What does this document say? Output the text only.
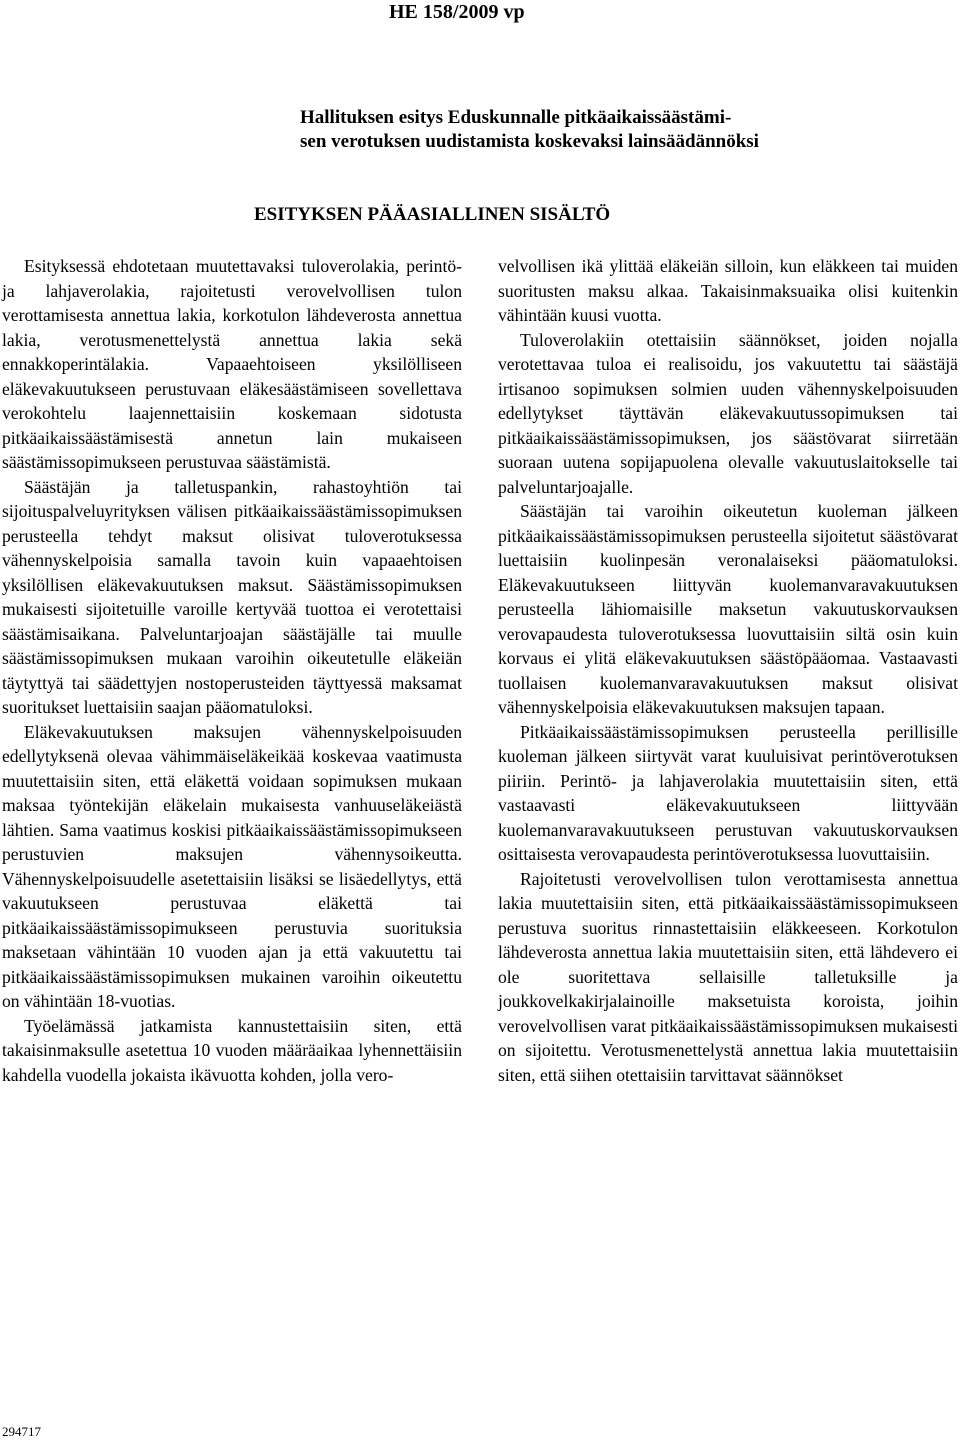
HE 158/2009 vp
Hallituksen esitys Eduskunnalle pitkäaikaissäästämi-
sen verotuksen uudistamista koskevaksi lainsäädännöksi
ESITYKSEN PÄÄASIALLINEN SISÄLTÖ

Esityksessä ehdotetaan muutettavaksi tuloverolakia, perintö- ja lahjaverolakia, rajoitetusti verovelvollisen tulon verottamisesta annettua lakia, korkotulon lähdeverosta annettua lakia, verotusmenettelystä annettua lakia sekä ennakkoperintälakia. Vapaaehtoiseen yksilölliseen eläkevakuutukseen perustuvaan eläkesäästämiseen sovellettava verokohtelu laajennettaisiin koskemaan sidotusta pitkäaikaissäästämisestä annetun lain mukaiseen säästämissopimukseen perustuvaa säästämistä.

Säästäjän ja talletuspankin, rahastoyhtiön tai sijoituspalveluyrityksen välisen pitkäaikaissäästämissopimuksen perusteella tehdyt maksut olisivat tuloverotuksessa vähennyskelpoisia samalla tavoin kuin vapaaehtoisen yksilöllisen eläkevakuutuksen maksut. Säästämissopimuksen mukaisesti sijoitetuille varoille kertyvää tuottoa ei verotettaisi säästämisaikana. Palveluntarjoajan säästäjälle tai muulle säästämissopimuksen mukaan varoihin oikeutetulle eläkeiän täytyttyä tai säädettyjen nostoperusteiden täyttyessä maksamat suoritukset luettaisiin saajan pääomatuloksi.

Eläkevakuutuksen maksujen vähennyskelpoisuuden edellytyksenä olevaa vähimmäiseläkeikää koskevaa vaatimusta muutettaisiin siten, että eläkettä voidaan sopimuksen mukaan maksaa työntekijän eläkelain mukaisesta vanhuuseläkeiästä lähtien. Sama vaatimus koskisi pitkäaikaissäästämissopimukseen perustuvien maksujen vähennysoikeutta. Vähennyskelpoisuudelle asetettaisiin lisäksi se lisäedellytys, että vakuutukseen perustuvaa eläkettä tai pitkäaikaissäästämissopimukseen perustuvia suorituksia maksetaan vähintään 10 vuoden ajan ja että vakuutettu tai pitkäaikaissäästämissopimuksen mukainen varoihin oikeutettu on vähintään 18-vuotias.

Työelämässä jatkamista kannustettaisiin siten, että takaisinmaksulle asetettua 10 vuoden määräaikaa lyhennettäisiin kahdella vuodella jokaista ikävuotta kohden, jolla vero-

velvollisen ikä ylittää eläkeiän silloin, kun eläkkeen tai muiden suoritusten maksu alkaa. Takaisinmaksuaika olisi kuitenkin vähintään kuusi vuotta.

Tuloverolakiin otettaisiin säännökset, joiden nojalla verotettavaa tuloa ei realisoidu, jos vakuutettu tai säästäjä irtisanoo sopimuksen solmien uuden vähennyskelpoisuuden edellytykset täyttävän eläkevakuutussopimuksen tai pitkäaikaissäästämissopimuksen, jos säästövarat siirretään suoraan uutena sopijapuolena olevalle vakuutuslaitokselle tai palveluntarjoajalle.

Säästäjän tai varoihin oikeutetun kuoleman jälkeen pitkäaikaissäästämissopimuksen perusteella sijoitetut säästövarat luettaisiin kuolinpesän veronalaiseksi pääomatuloksi. Eläkevakuutukseen liittyvän kuolemanvaravakuutuksen perusteella lähiomaisille maksetun vakuutuskorvauksen verovapaudesta tuloverotuksessa luovuttaisiin siltä osin kuin korvaus ei ylitä eläkevakuutuksen säästöpääomaa. Vastaavasti tuollaisen kuolemanvaravakuutuksen maksut olisivat vähennyskelpoisia eläkevakuutuksen maksujen tapaan.

Pitkäaikaissäästämissopimuksen perusteella perillisille kuoleman jälkeen siirtyvät varat kuuluisivat perintöverotuksen piiriin. Perintö- ja lahjaverolakia muutettaisiin siten, että vastaavasti eläkevakuutukseen liittyvään kuolemanvaravakuutukseen perustuvan vakuutuskorvauksen osittaisesta verovapaudesta perintöverotuksessa luovuttaisiin.

Rajoitetusti verovelvollisen tulon verottamisesta annettua lakia muutettaisiin siten, että pitkäaikaissäästämissopimukseen perustuva suoritus rinnastettaisiin eläkkeeseen. Korkotulon lähdeverosta annettua lakia muutettaisiin siten, että lähdevero ei ole suoritettava sellaisille talletuksille ja joukkovelkakirjalainoille maksetuista koroista, joihin verovelvollisen varat pitkäaikaissäästämissopimuksen mukaisesti on sijoitettu. Verotusmenettelystä annettua lakia muutettaisiin siten, että siihen otettaisiin tarvittavat säännökset

294717
